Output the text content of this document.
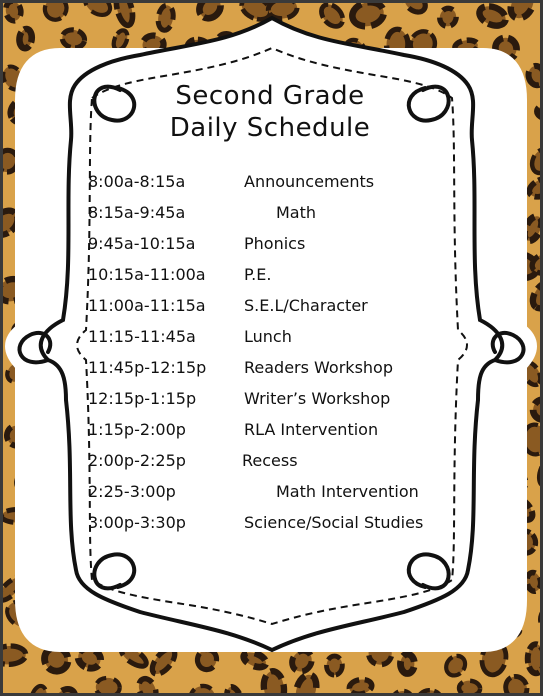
Second Grade
Daily Schedule
8:00a-8:15a	Announcements
8:15a-9:45a	Math
9:45a-10:15a	Phonics
10:15a-11:00a P.E.
11:00a-11:15a S.E.L/Character
11:15-11:45a	Lunch
11:45p-12:15p Readers Workshop
12:15p-1:15p	Writer’s Workshop
1:15p-2:00p	RLA Intervention
2:00p-2:25p	Recess
2:25-3:00p	Math Intervention
3:00p-3:30p	Science/Social Studies
